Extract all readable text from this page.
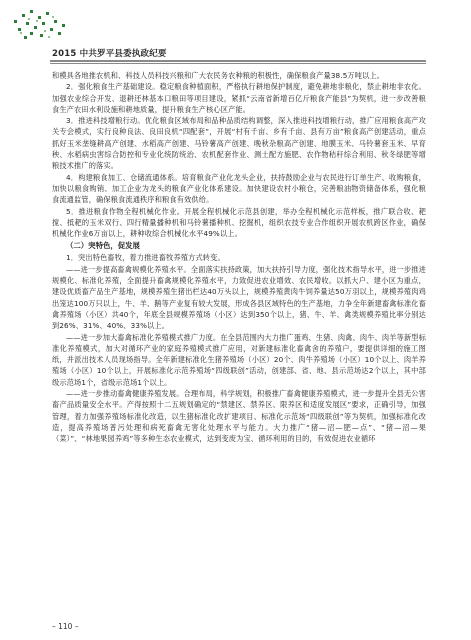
2015 中共罗平县委执政纪要

和模具各地推农机和、科技人员科技兴粮和广大农民务农种粮的积极性，确保粮食产量38.5万吨以上。

2．强化粮食生产基础建设。稳定粮食种植面积，严格执行耕地保护制度，避免耕地非粮化，禁止耕地非农化。加强农业综合开发、退耕还林基本口粮田等项目建设，紧抓“云南省新增百亿斤粮食产能县”为契机，进一步改善粮食生产农田水利设施和耕地质量，提升粮食生产核心区产能。

3．推进科技增粮行动。优化粮食区域布局和品种品质结构调整，深入推进科技增粮行动，推广应用粮食高产攻关专会模式，实行良种良法、良田良机“四配套”，开展“村有千亩、乡有千亩、县有万亩”粮食高产创建活动，重点抓好玉米垄缝耕高产创建、水稻高产创建、马铃薯高产创建、晚秋杂粮高产创建、地膜玉米、马铃薯套玉米、早育秧、水稻病虫害综合防控和专业化统防统治、农机配套作业、测土配方施肥、农作物秸秆综合利用、秋冬绿肥等增粮技术推广的落实。

4．构建粮食加工、仓储流通体系。培育粮食产业化龙头企业，扶持鼓励企业与农民进行订单生产、收购粮食，加快以粮食购销、加工企业为龙头的粮食产业化体系建设。加快建设农村小粮仓，完善粮油物资储备体系，强化粮食流通监管，确保粮食流通秩序和粮食有效供给。

5．推进粮食作物全程机械化作业。开展全程机械化示范县创建，举办全程机械化示范样板，推广联合收、耙搅、抵耙的玉米双行、四行精量播种机和马铃薯播种机、挖掘机，组织农技专业合作组织开展农机跨区作业，确保机械化作业6万亩以上，耕种收综合机械化水平49%以上。

（二）突特色，促发展

1．突出特色畜牧，着力推进畜牧养殖方式转变。

——进一步提高畜禽规模化养殖水平。全面落实扶持政策，加大扶持引导力度，强化技术指导水平，进一步推进规模化、标准化养殖，全面提升畜禽规模化养殖水平，力致促进农业增效、农民增收。以抓大户、建小区为重点，建设优质畜产品生产基地，规模养殖生猪出栏达40万头以上，规模养殖黄肉牛饲养量达50万羽以上，规模养殖肉鸡出笼达100万只以上，牛、羊、鹅等产业复有较大发展，形成各县区域特色的生产基地，力争全年新建畜禽标准化畜禽养殖场（小区）共40个，年底全县规模养殖场（小区）达到350个以上，猪、牛、羊、禽类规模养殖比率分别达到26%、31%、40%、33%以上。

——进一步加大畜禽标准化养殖模式推广力度。在全县范围内大力推广蛋鸡、生猪、肉禽、肉牛、肉羊等新型标准化养殖模式，加大对循环产业的家庭养殖模式推广应用，对新建标准化畜禽舍的养殖户，要提供详细的施工图纸，并派出技术人员现场指导。全年新建标准化生猪养殖场（小区）20个、肉牛养殖场（小区）10个以上、肉羊养殖场（小区）10个以上，开展标准化示范养殖场“四级联创”活动，创建部、省、地、县示范场达2个以上，其中部级示范场1个，省级示范场1个以上。

——进一步推动畜禽健康养殖发展。合理布局，科学规划，积极推广畜禽健康养殖模式，进一步提升全县无公害畜产品质量安全水平。产得按照十二五规划确定的“禁建区、禁养区、限养区和适度发展区”要求，正确引导，加强管理，着力加强养殖场标准化改造，以生猪标准化改扩建项目、标准化示范场“四级联创”等为契机，加强标准化改造，提高养殖场普污处理和病死畜禽无害化处理水平与能力。大力推广“猪—沼—肥—点”、“猪—沼—果（菜）”、“林地果园养鸡”等多种生态农业模式，达到变废为宝、循环利用的目的，有效促进农业循环

– 110 –
